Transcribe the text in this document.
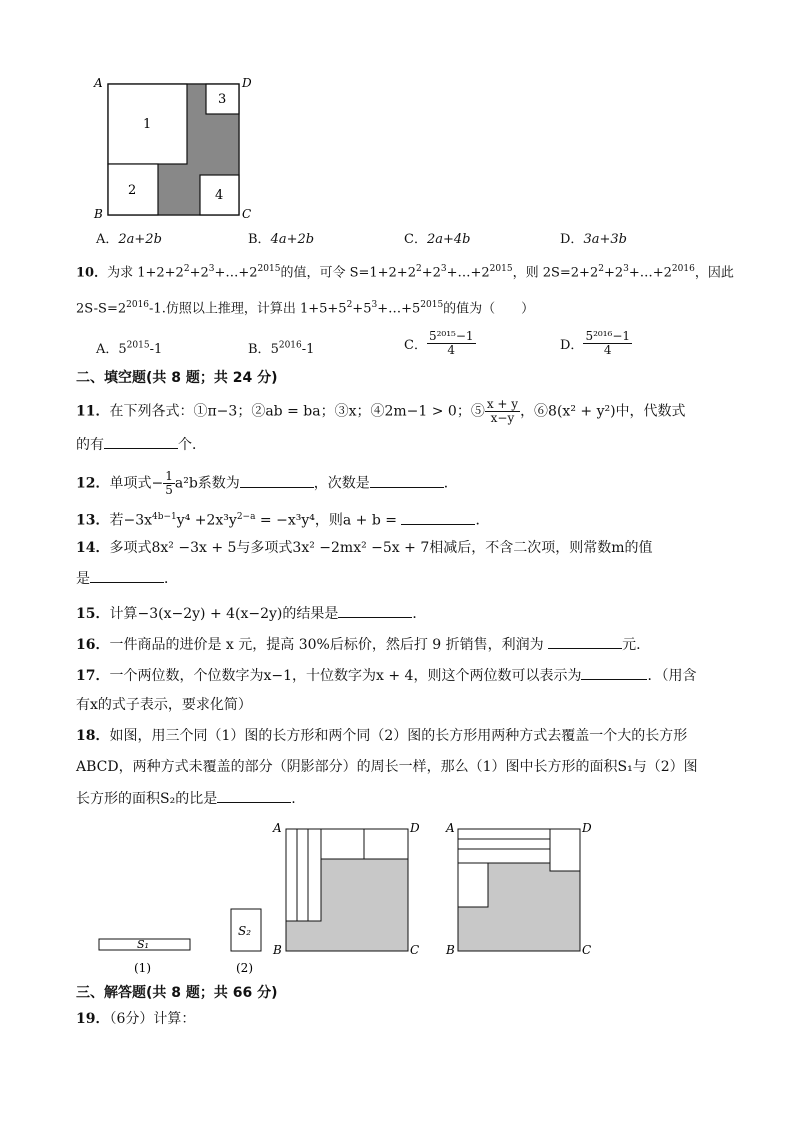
A	D
B	C
1
3
2	4
A．2a+2b	B．4a+2b	C．2a+4b	D．3a+3b
10．为求 $1+2+2^2+2^3+\dots+2^{2015}$的值，可令 $S=1+2+2^2+2^3+\dots+2^{2015}$，则 $2S=2+2^2+2^3+\dots+2^{2016}$，因此
$2S-S=2^{2016}-1$.仿照以上推理，计算出 $1+5+5^2+5^3+\dots+5^{2015}$的值为（　　）
A．$5^{2015}-1$	B．$5^{2016}-1$	C． $\frac{\text{5²⁰¹⁵−1}}{4}$	D． $\frac{\text{5²⁰¹⁶−1}}{4}$
二、填空题(共 8 题；共 24 分)
11．在下列各式：①π−3；②ab = ba；③x；④2m−1 > 0；⑤ $\frac{x + y}{x-y}$ ，⑥8(x² + y²)中，代数式
的有	个．
12．单项式− $\frac{1}{5} a^2b$系数为	，次数是	．
13．若$-3x^{4b-1}y^4 +2x^3y^{2-a} = -x^3y^4$，则a + b =	．
14．多项式8x² −3x + 5与多项式3x² −2mx² −5x + 7相减后，不含二次项，则常数m的值
是	．
15．计算−3(x−2y) + 4(x−2y)的结果是	．
16．一件商品的进价是 x 元，提高 30%后标价，然后打 9 折销售，利润为	元.
17．一个两位数，个位数字为x−1，十位数字为x + 4，则这个两位数可以表示为	．（用含
有x的式子表示，要求化简）
18．如图，用三个同（1）图的长方形和两个同（2）图的长方形用两种方式去覆盖一个大的长方形
ABCD，两种方式未覆盖的部分（阴影部分）的周长一样，那么（1）图中长方形的面积S₁与（2）图
长方形的面积S₂的比是	.
S₁
(1)
S₂
(2)
A	D
B	C
A	D
B	C
三、解答题(共 8 题；共 66 分)
19．（6分）计算：
